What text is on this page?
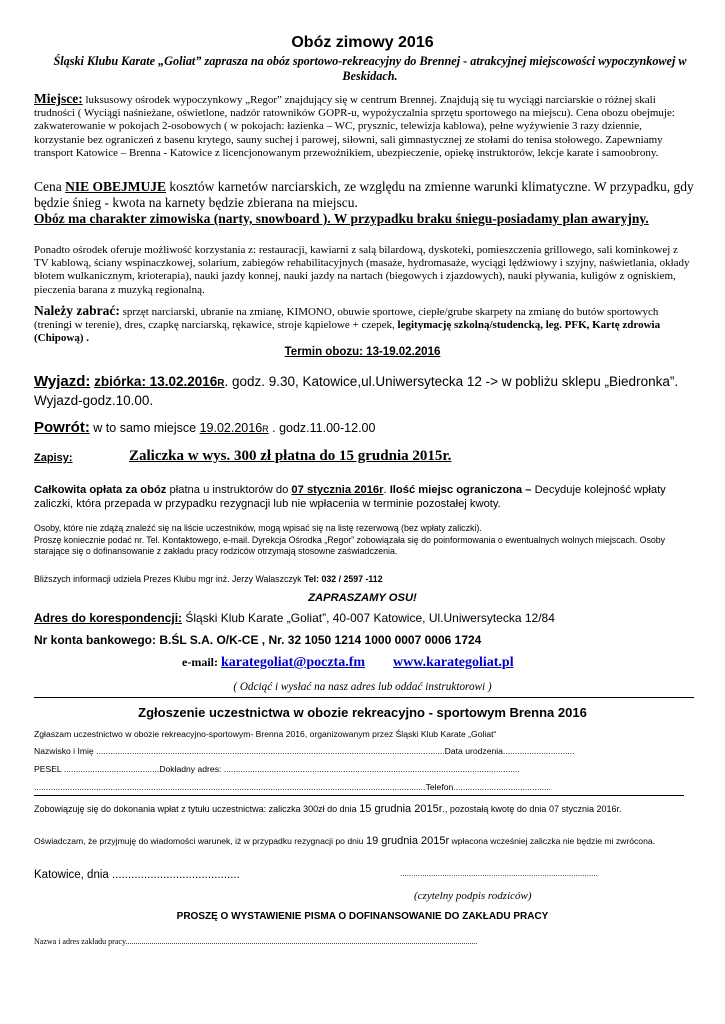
Obóz zimowy 2016
Śląski Klubu Karate „Goliat” zaprasza na obóz sportowo-rekreacyjny do Brennej - atrakcyjnej miejscowości wypoczynkowej w Beskidach.
Miejsce: luksusowy ośrodek wypoczynkowy „Regor” znajdujący się w centrum Brennej. Znajdują się tu wyciągi narciarskie o różnej skali trudności ( Wyciągi naśnieżane, oświetlone, nadzór ratowników GOPR-u, wypożyczalnia sprzętu sportowego na miejscu). Cena obozu obejmuje: zakwaterowanie w pokojach 2-osobowych ( w pokojach: łazienka – WC, prysznic, telewizja kablowa), pełne wyżywienie 3 razy dziennie, korzystanie bez ograniczeń z basenu krytego, sauny suchej i parowej, siłowni, sali gimnastycznej ze stołami do tenisa stołowego. Zapewniamy transport Katowice – Brenna - Katowice z licencjonowanym przewoźnikiem, ubezpieczenie, opiekę instruktorów, lekcje karate i samoobrony.
Cena NIE OBEJMUJE kosztów karnetów narciarskich, ze względu na zmienne warunki klimatyczne. W przypadku, gdy będzie śnieg - kwota na karnety będzie zbierana na miejscu.
Obóz ma charakter zimowiska (narty, snowboard ). W przypadku braku śniegu-posiadamy plan awaryjny.
Ponadto ośrodek oferuje możliwość korzystania z: restauracji, kawiarni z salą bilardową, dyskoteki, pomieszczenia grillowego, sali kominkowej z TV kablową, ściany wspinaczkowej, solarium, zabiegów rehabilitacyjnych (masaże, hydromasaże, wyciągi lędźwiowy i szyjny, naświetlania, okłady błotem wulkanicznym, krioterapia), nauki jazdy konnej, nauki jazdy na nartach (biegowych i zjazdowych), nauki pływania, kuligów z ogniskiem, pieczenia barana z muzyką regionalną.
Należy zabrać: sprzęt narciarski, ubranie na zmianę, KIMONO, obuwie sportowe, ciepłe/grube skarpety na zmianę do butów sportowych (treningi w terenie), dres, czapkę narciarską, rękawice, stroje kąpielowe + czepek, legitymację szkolną/studencką, leg. PFK, Kartę zdrowia (Chipową) .
Termin obozu: 13-19.02.2016
Wyjazd: zbiórka: 13.02.2016R. godz. 9.30, Katowice,ul.Uniwersytecka 12 -> w pobliżu sklepu „Biedronka”.
Wyjazd-godz.10.00.
Powrót: w to samo miejsce 19.02.2016R . godz.11.00-12.00
Zapisy:	Zaliczka w wys. 300 zł płatna do 15 grudnia 2015r.
Całkowita opłata za obóz płatna u instruktorów do 07 stycznia 2016r. Ilość miejsc ograniczona – Decyduje kolejność wpłaty zaliczki, która przepada w przypadku rezygnacji lub nie wpłacenia w terminie pozostałej kwoty.
Osoby, które nie zdążą znaleźć się na liście uczestników, mogą wpisać się na listę rezerwową (bez wpłaty zaliczki).
Proszę koniecznie podać nr. Tel. Kontaktowego, e-mail. Dyrekcja Ośrodka „Regor” zobowiązała się do poinformowania o ewentualnych wolnych miejscach. Osoby starające się o dofinansowanie z zakładu pracy rodziców otrzymają stosowne zaświadczenia.
Bliższych informacji udziela Prezes Klubu mgr inż. Jerzy Walaszczyk Tel: 032 / 2597 -112
ZAPRASZAMY OSU!
Adres do korespondencji: Śląski Klub Karate „Goliat”, 40-007 Katowice, Ul.Uniwersytecka 12/84
Nr konta bankowego: B.ŚL S.A. O/K-CE , Nr. 32 1050 1214 1000 0007 0006 1724
e-mail: karategoliat@poczta.fm www.karategoliat.pl
( Odciąć i wysłać na nasz adres lub oddać instruktorowi )
Zgłoszenie uczestnictwa w obozie rekreacyjno - sportowym Brenna 2016
Zgłaszam uczestnictwo w obozie rekreacyjno-sportowym- Brenna 2016, organizowanym przez Śląski Klub Karate „Goliat“
Nazwisko i Imię ..................................................................................................................................................Data urodzenia..............................
PESEL ........................................Dokładny adres: ............................................................................................................................
....................................................................................................................................................................Telefon.........................................
Zobowiązuję się do dokonania wpłat z tytułu uczestnictwa: zaliczka 300zł do dnia 15 grudnia 2015r., pozostałą kwotę do dnia 07 stycznia 2016r.
Oświadczam, że przyjmuję do wiadomości warunek, iż w przypadku rezygnacji po dniu 19 grudnia 2015r wpłacona wcześniej zaliczka nie będzie mi zwrócona.
Katowice, dnia ........................................	.........................................................................................
(czytelny podpis rodziców)
PROSZĘ O WYSTAWIENIE PISMA O DOFINANSOWANIE DO ZAKŁADU PRACY
Nazwa i adres zakładu pracy................................................................................................................................................................................
